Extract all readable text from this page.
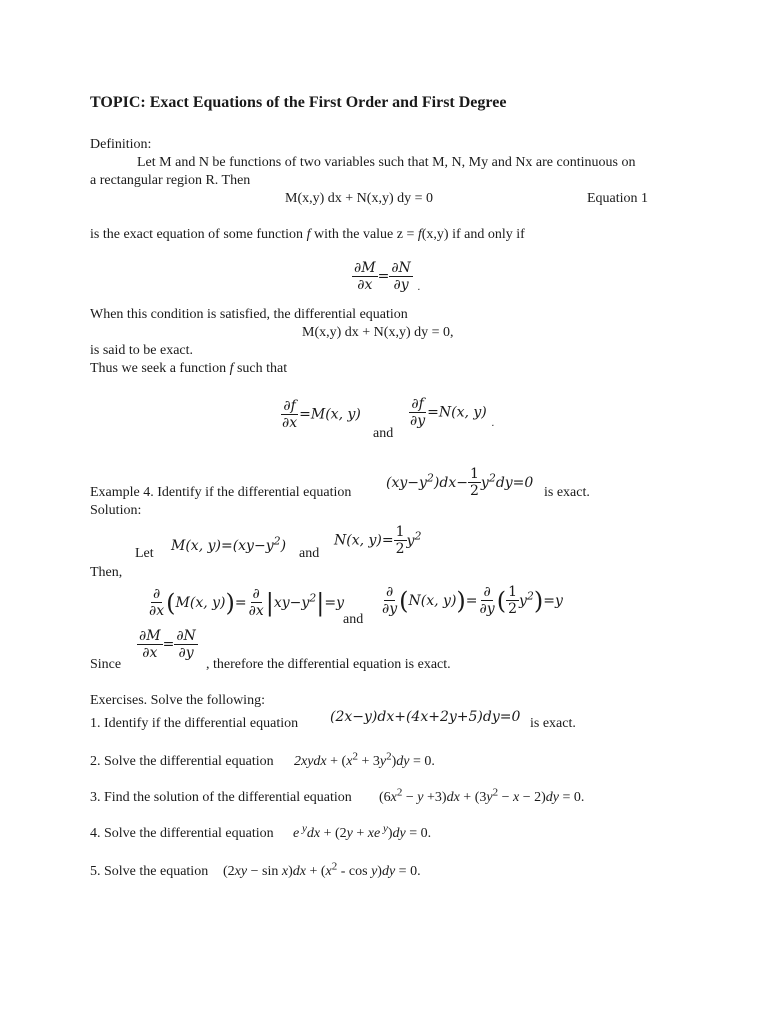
TOPIC: Exact Equations of the First Order and First Degree
Definition:
Let M and N be functions of two variables such that M, N, My and Nx are continuous on
a rectangular region R. Then
M(x,y) dx + N(x,y) dy = 0	Equation 1
is the exact equation of some function f with the value z = f(x,y) if and only if
$\frac{\partial M}{\partial x} = \frac{\partial N}{\partial y}$ .
When this condition is satisfied, the differential equation
M(x,y) dx + N(x,y) dy = 0,
is said to be exact.
Thus we seek a function f such that
$\frac{\partial f}{\partial x} =M(x$, y)
and
$\frac{\partial f}{\partial y} =N(x$, y) .
$(xy-y^2)dx- \frac{1}{2} y^2dy=0$
Example 4. Identify if the differential equation	is exact.
Solution:
Let M(x, $y)=(xy-y^2)$ and
N(x, $y)= \frac{1}{2} y^2$
Then,
$\frac{\partial}{\partial x} (M(x$, $y))= \frac{\partial}{\partial x} |xy-y^2|=y$
and
$\frac{\partial}{\partial y} (N(x$, $y))= \frac{\partial}{\partial y}$ ( $\frac{1}{2} y^2)=y$
$\frac{\partial M}{\partial x} = \frac{\partial N}{\partial y}$
Since	, therefore the differential equation is exact.
Exercises. Solve the following:
1. Identify if the differential equation (2x−y)dx+(4x+2y+5)dy=0 is exact.
2. Solve the differential equation 2xydx + $(x^2 + 3y^2)dy = 0$.
3. Find the solution of the differential equation $(6x^2 - y +3)dx + (3y^2 - x - 2)dy = 0$.
4. Solve the differential equation e $^y$dx + (2y + xe $^y$)dy = 0.
5. Solve the equation $(2xy - \sin x)dx + (x^2 - \cos y)dy = 0$.
